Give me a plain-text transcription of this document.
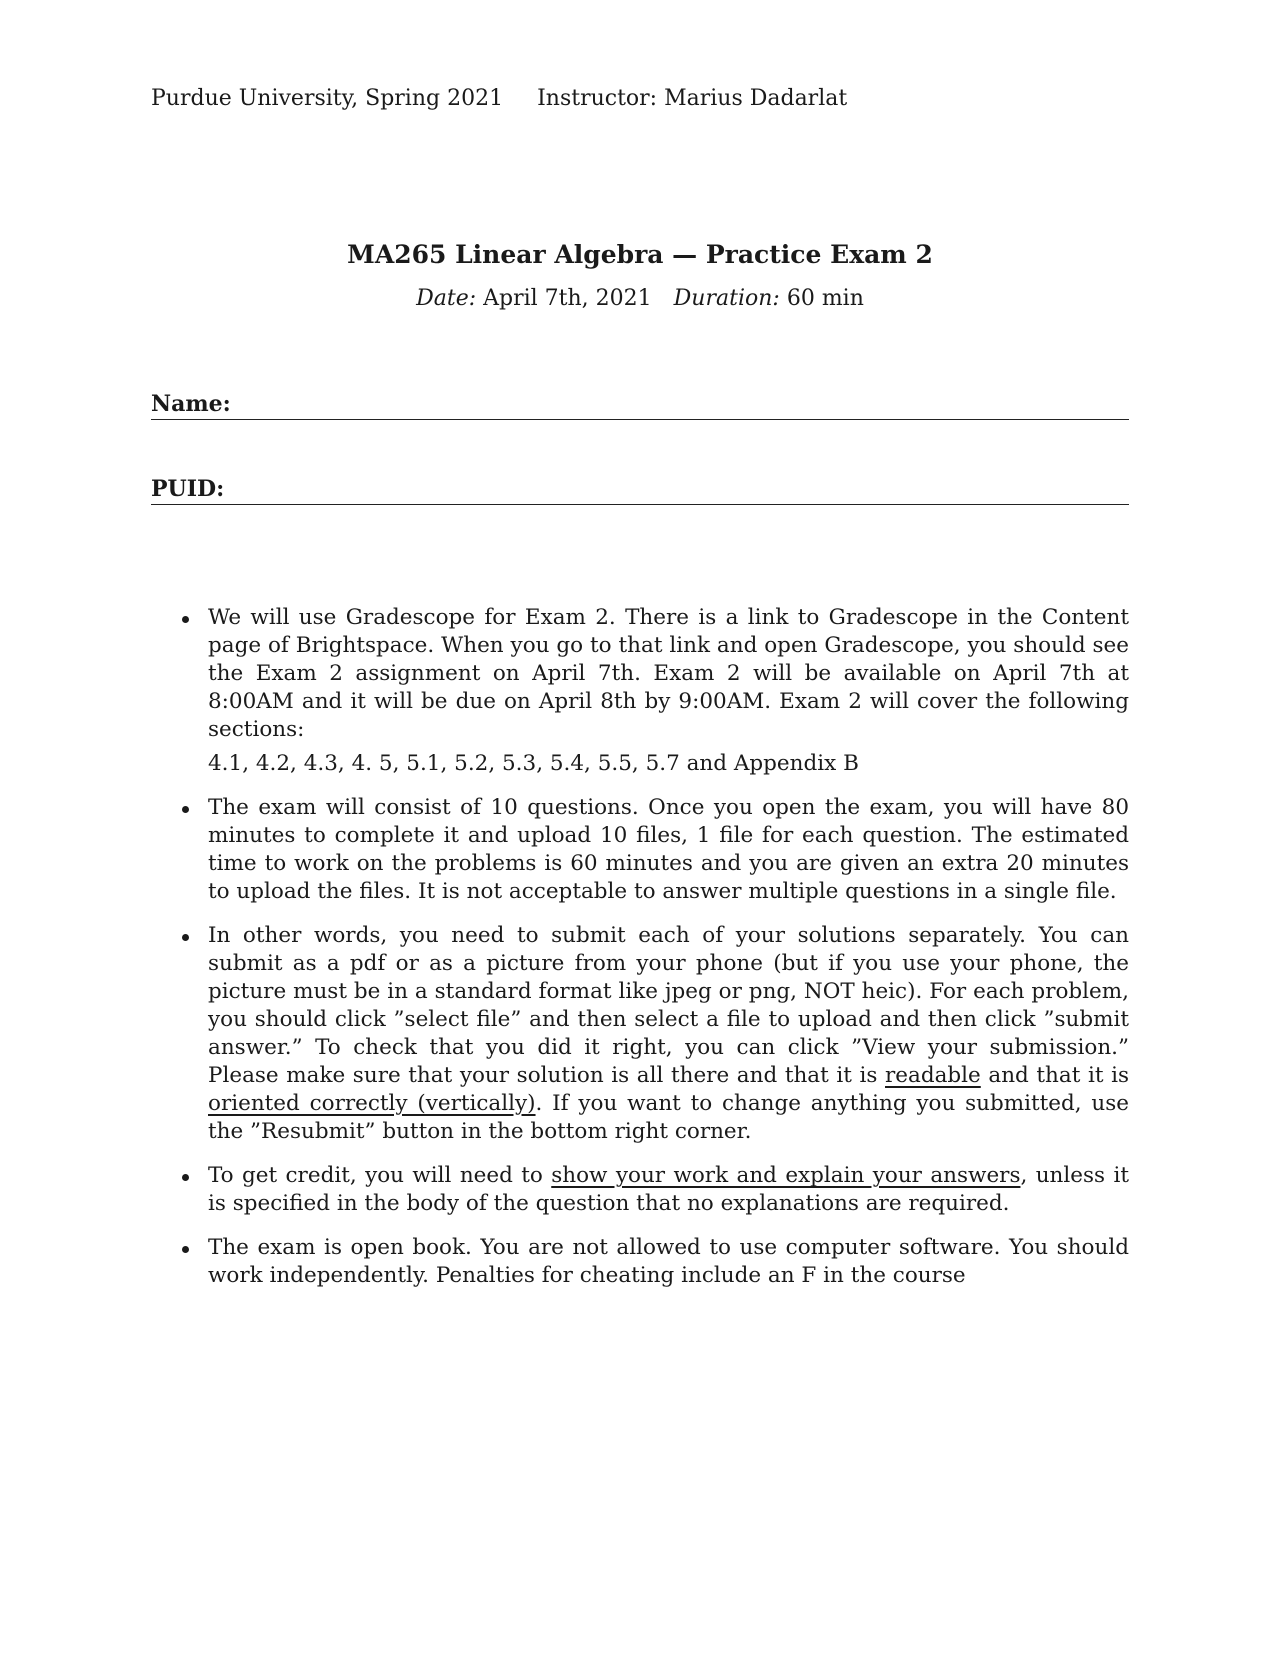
Purdue University, Spring 2021 Instructor: Marius Dadarlat
MA265 Linear Algebra — Practice Exam 2
Date: April 7th, 2021 Duration: 60 min
Name:
PUID:
We will use Gradescope for Exam 2. There is a link to Gradescope in the Content page of Brightspace. When you go to that link and open Gradescope, you should see the Exam 2 assignment on April 7th. Exam 2 will be available on April 7th at 8:00AM and it will be due on April 8th by 9:00AM. Exam 2 will cover the following sections:
4.1, 4.2, 4.3, 4. 5, 5.1, 5.2, 5.3, 5.4, 5.5, 5.7 and Appendix B
The exam will consist of 10 questions. Once you open the exam, you will have 80 minutes to complete it and upload 10 files, 1 file for each question. The estimated time to work on the problems is 60 minutes and you are given an extra 20 minutes to upload the files. It is not acceptable to answer multiple questions in a single file.
In other words, you need to submit each of your solutions separately. You can submit as a pdf or as a picture from your phone (but if you use your phone, the picture must be in a standard format like jpeg or png, NOT heic). For each problem, you should click ”select file” and then select a file to upload and then click ”submit answer.” To check that you did it right, you can click ”View your submission.” Please make sure that your solution is all there and that it is readable and that it is oriented correctly (vertically). If you want to change anything you submitted, use the ”Resubmit” button in the bottom right corner.
To get credit, you will need to show your work and explain your answers, unless it is specified in the body of the question that no explanations are required.
The exam is open book. You are not allowed to use computer software. You should work independently. Penalties for cheating include an F in the course
